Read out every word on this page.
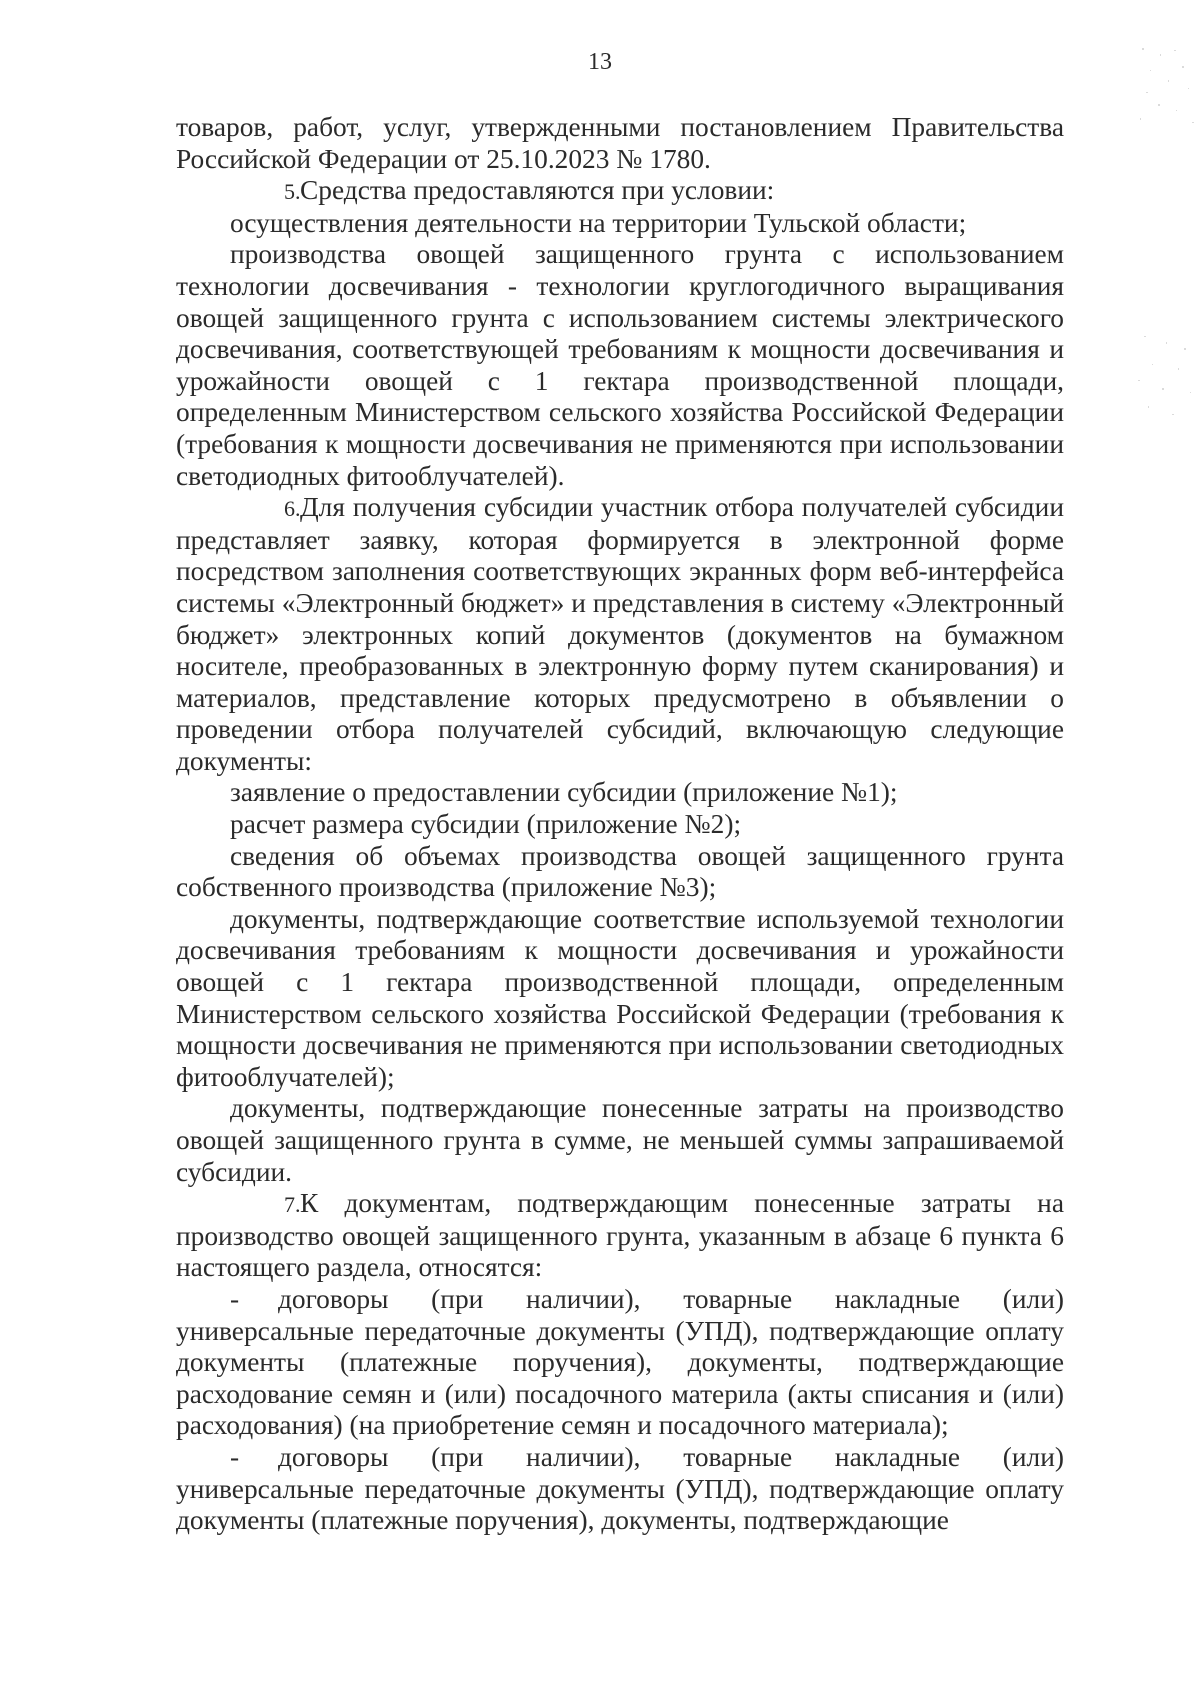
13

товаров, работ, услуг, утвержденными постановлением Правительства Российской Федерации от 25.10.2023 № 1780.

5.Средства предоставляются при условии:

осуществления деятельности на территории Тульской области;

производства овощей защищенного грунта с использованием технологии досвечивания - технологии круглогодичного выращивания овощей защищенного грунта с использованием системы электрического досвечивания, соответствующей требованиям к мощности досвечивания и урожайности овощей с 1 гектара производственной площади, определенным Министерством сельского хозяйства Российской Федерации (требования к мощности досвечивания не применяются при использовании светодиодных фитооблучателей).

6.Для получения субсидии участник отбора получателей субсидии представляет заявку, которая формируется в электронной форме посредством заполнения соответствующих экранных форм веб-интерфейса системы «Электронный бюджет» и представления в систему «Электронный бюджет» электронных копий документов (документов на бумажном носителе, преобразованных в электронную форму путем сканирования) и материалов, представление которых предусмотрено в объявлении о проведении отбора получателей субсидий, включающую следующие документы:

заявление о предоставлении субсидии (приложение №1);

расчет размера субсидии (приложение №2);

сведения об объемах производства овощей защищенного грунта собственного производства (приложение №3);

документы, подтверждающие соответствие используемой технологии досвечивания требованиям к мощности досвечивания и урожайности овощей с 1 гектара производственной площади, определенным Министерством сельского хозяйства Российской Федерации (требования к мощности досвечивания не применяются при использовании светодиодных фитооблучателей);

документы, подтверждающие понесенные затраты на производство овощей защищенного грунта в сумме, не меньшей суммы запрашиваемой субсидии.

7.К документам, подтверждающим понесенные затраты на производство овощей защищенного грунта, указанным в абзаце 6 пункта 6 настоящего раздела, относятся:

- договоры (при наличии), товарные накладные (или) универсальные передаточные документы (УПД), подтверждающие оплату документы (платежные поручения), документы, подтверждающие расходование семян и (или) посадочного материла (акты списания и (или) расходования) (на приобретение семян и посадочного материала);

- договоры (при наличии), товарные накладные (или) универсальные передаточные документы (УПД), подтверждающие оплату документы (платежные поручения), документы, подтверждающие
